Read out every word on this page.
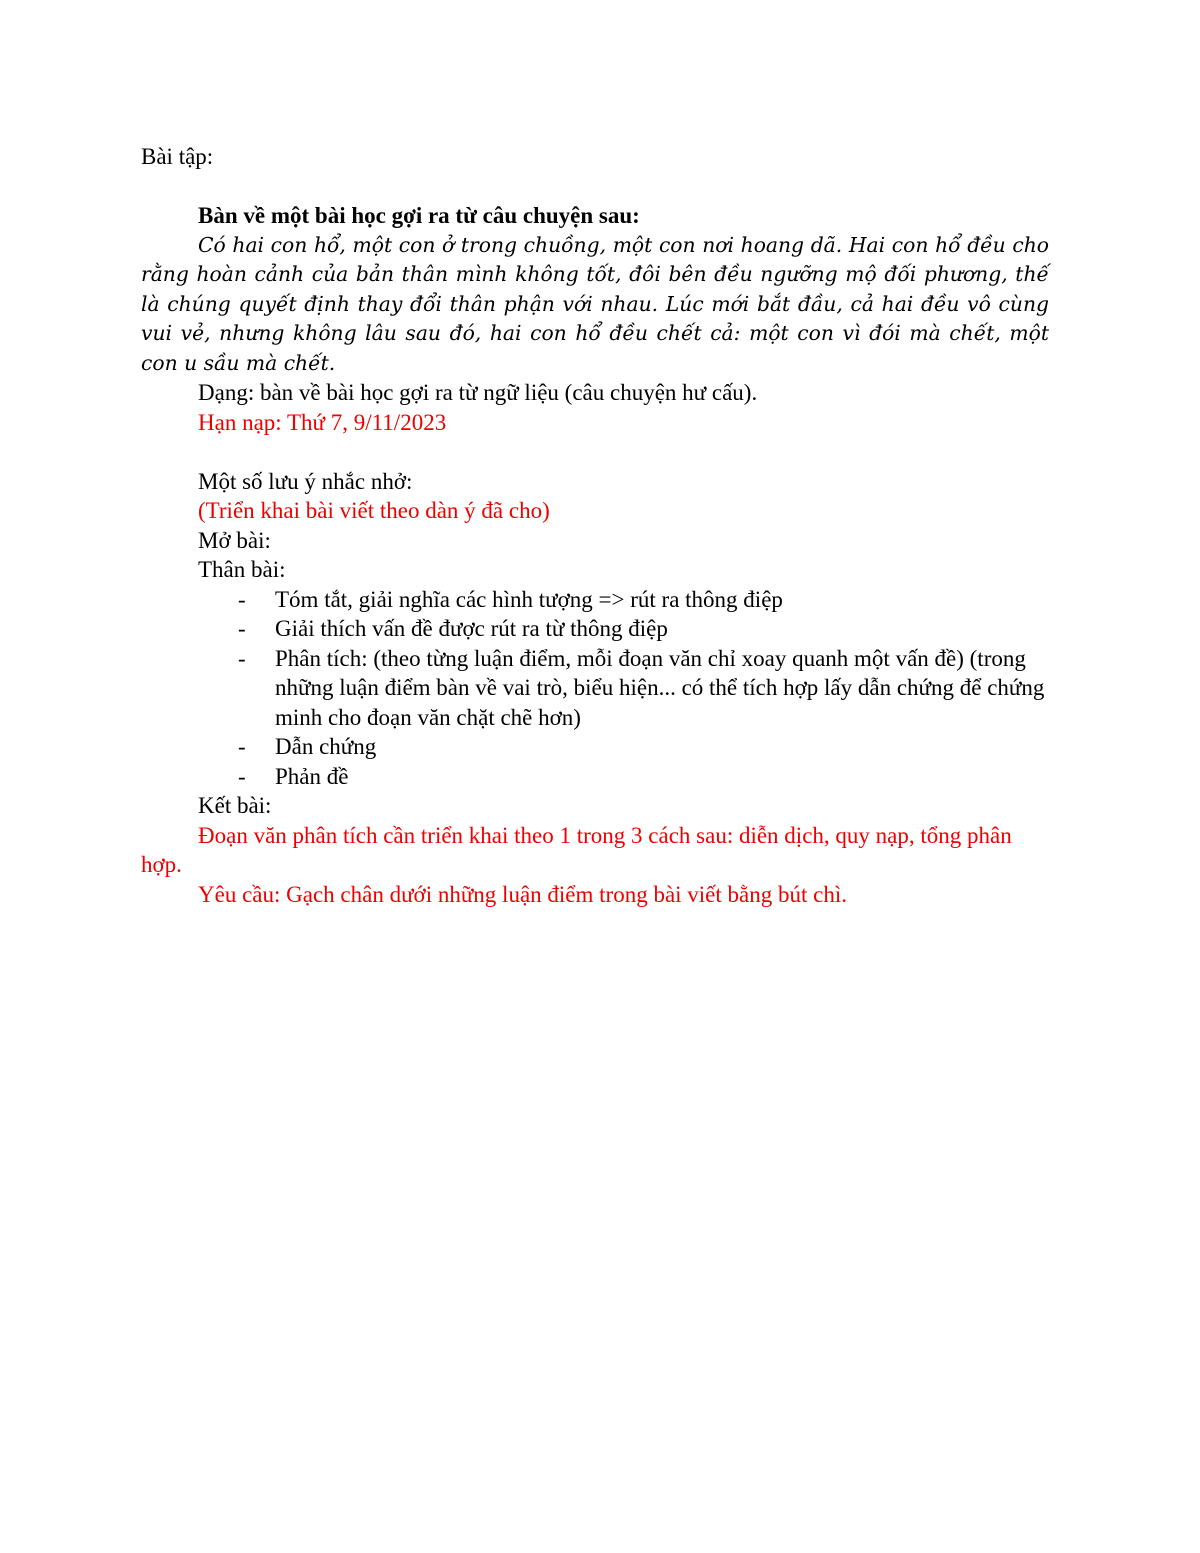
Bài tập:

Bàn về một bài học gợi ra từ câu chuyện sau:

Có hai con hổ, một con ở trong chuồng, một con nơi hoang dã. Hai con hổ đều cho rằng hoàn cảnh của bản thân mình không tốt, đôi bên đều ngưỡng mộ đối phương, thế là chúng quyết định thay đổi thân phận với nhau. Lúc mới bắt đầu, cả hai đều vô cùng vui vẻ, nhưng không lâu sau đó, hai con hổ đều chết cả: một con vì đói mà chết, một con u sầu mà chết.

Dạng: bàn về bài học gợi ra từ ngữ liệu (câu chuyện hư cấu).

Hạn nạp: Thứ 7, 9/11/2023

Một số lưu ý nhắc nhở:

(Triển khai bài viết theo dàn ý đã cho)

Mở bài:

Thân bài:

- Tóm tắt, giải nghĩa các hình tượng => rút ra thông điệp
- Giải thích vấn đề được rút ra từ thông điệp
- Phân tích: (theo từng luận điểm, mỗi đoạn văn chỉ xoay quanh một vấn đề) (trong những luận điểm bàn về vai trò, biểu hiện... có thể tích hợp lấy dẫn chứng để chứng minh cho đoạn văn chặt chẽ hơn)
- Dẫn chứng
- Phản đề

Kết bài:

Đoạn văn phân tích cần triển khai theo 1 trong 3 cách sau: diễn dịch, quy nạp, tổng phân hợp.

Yêu cầu: Gạch chân dưới những luận điểm trong bài viết bằng bút chì.
